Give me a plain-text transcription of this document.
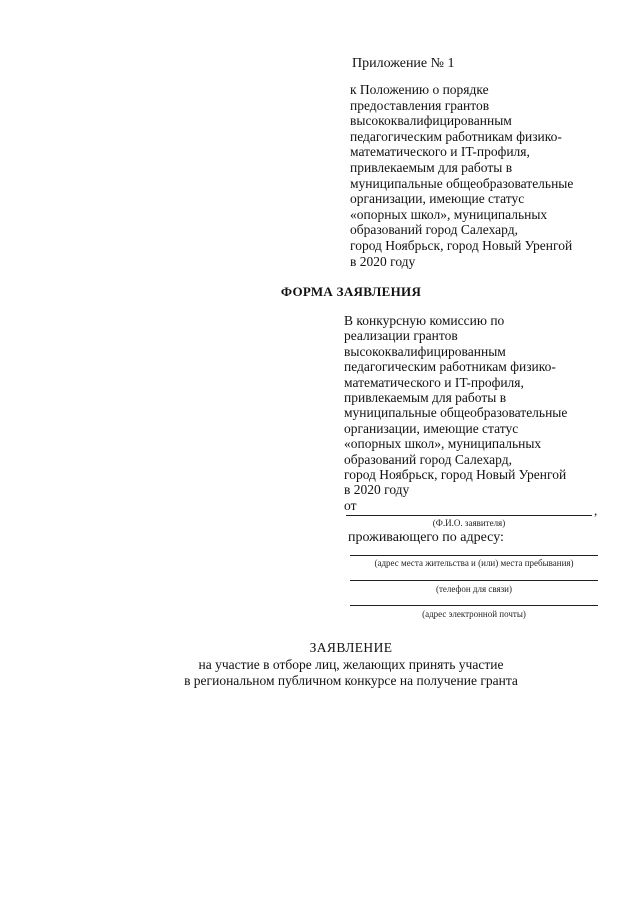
Приложение № 1
к Положению о порядке
предоставления грантов
высококвалифицированным
педагогическим работникам физико-
математического и IT-профиля,
привлекаемым для работы в
муниципальные общеобразовательные
организации, имеющие статус
«опорных школ», муниципальных
образований город Салехард,
город Ноябрьск, город Новый Уренгой
в 2020 году
ФОРМА ЗАЯВЛЕНИЯ
В конкурсную комиссию по
реализации грантов
высококвалифицированным
педагогическим работникам физико-
математического и IT-профиля,
привлекаемым для работы в
муниципальные общеобразовательные
организации, имеющие статус
«опорных школ», муниципальных
образований город Салехард,
город Ноябрьск, город Новый Уренгой
в 2020 году
от	,
(Ф.И.О. заявителя)
проживающего по адресу:
(адрес места жительства и (или) места пребывания)
(телефон для связи)
(адрес электронной почты)
ЗАЯВЛЕНИЕ
на участие в отборе лиц, желающих принять участие
в региональном публичном конкурсе на получение гранта
